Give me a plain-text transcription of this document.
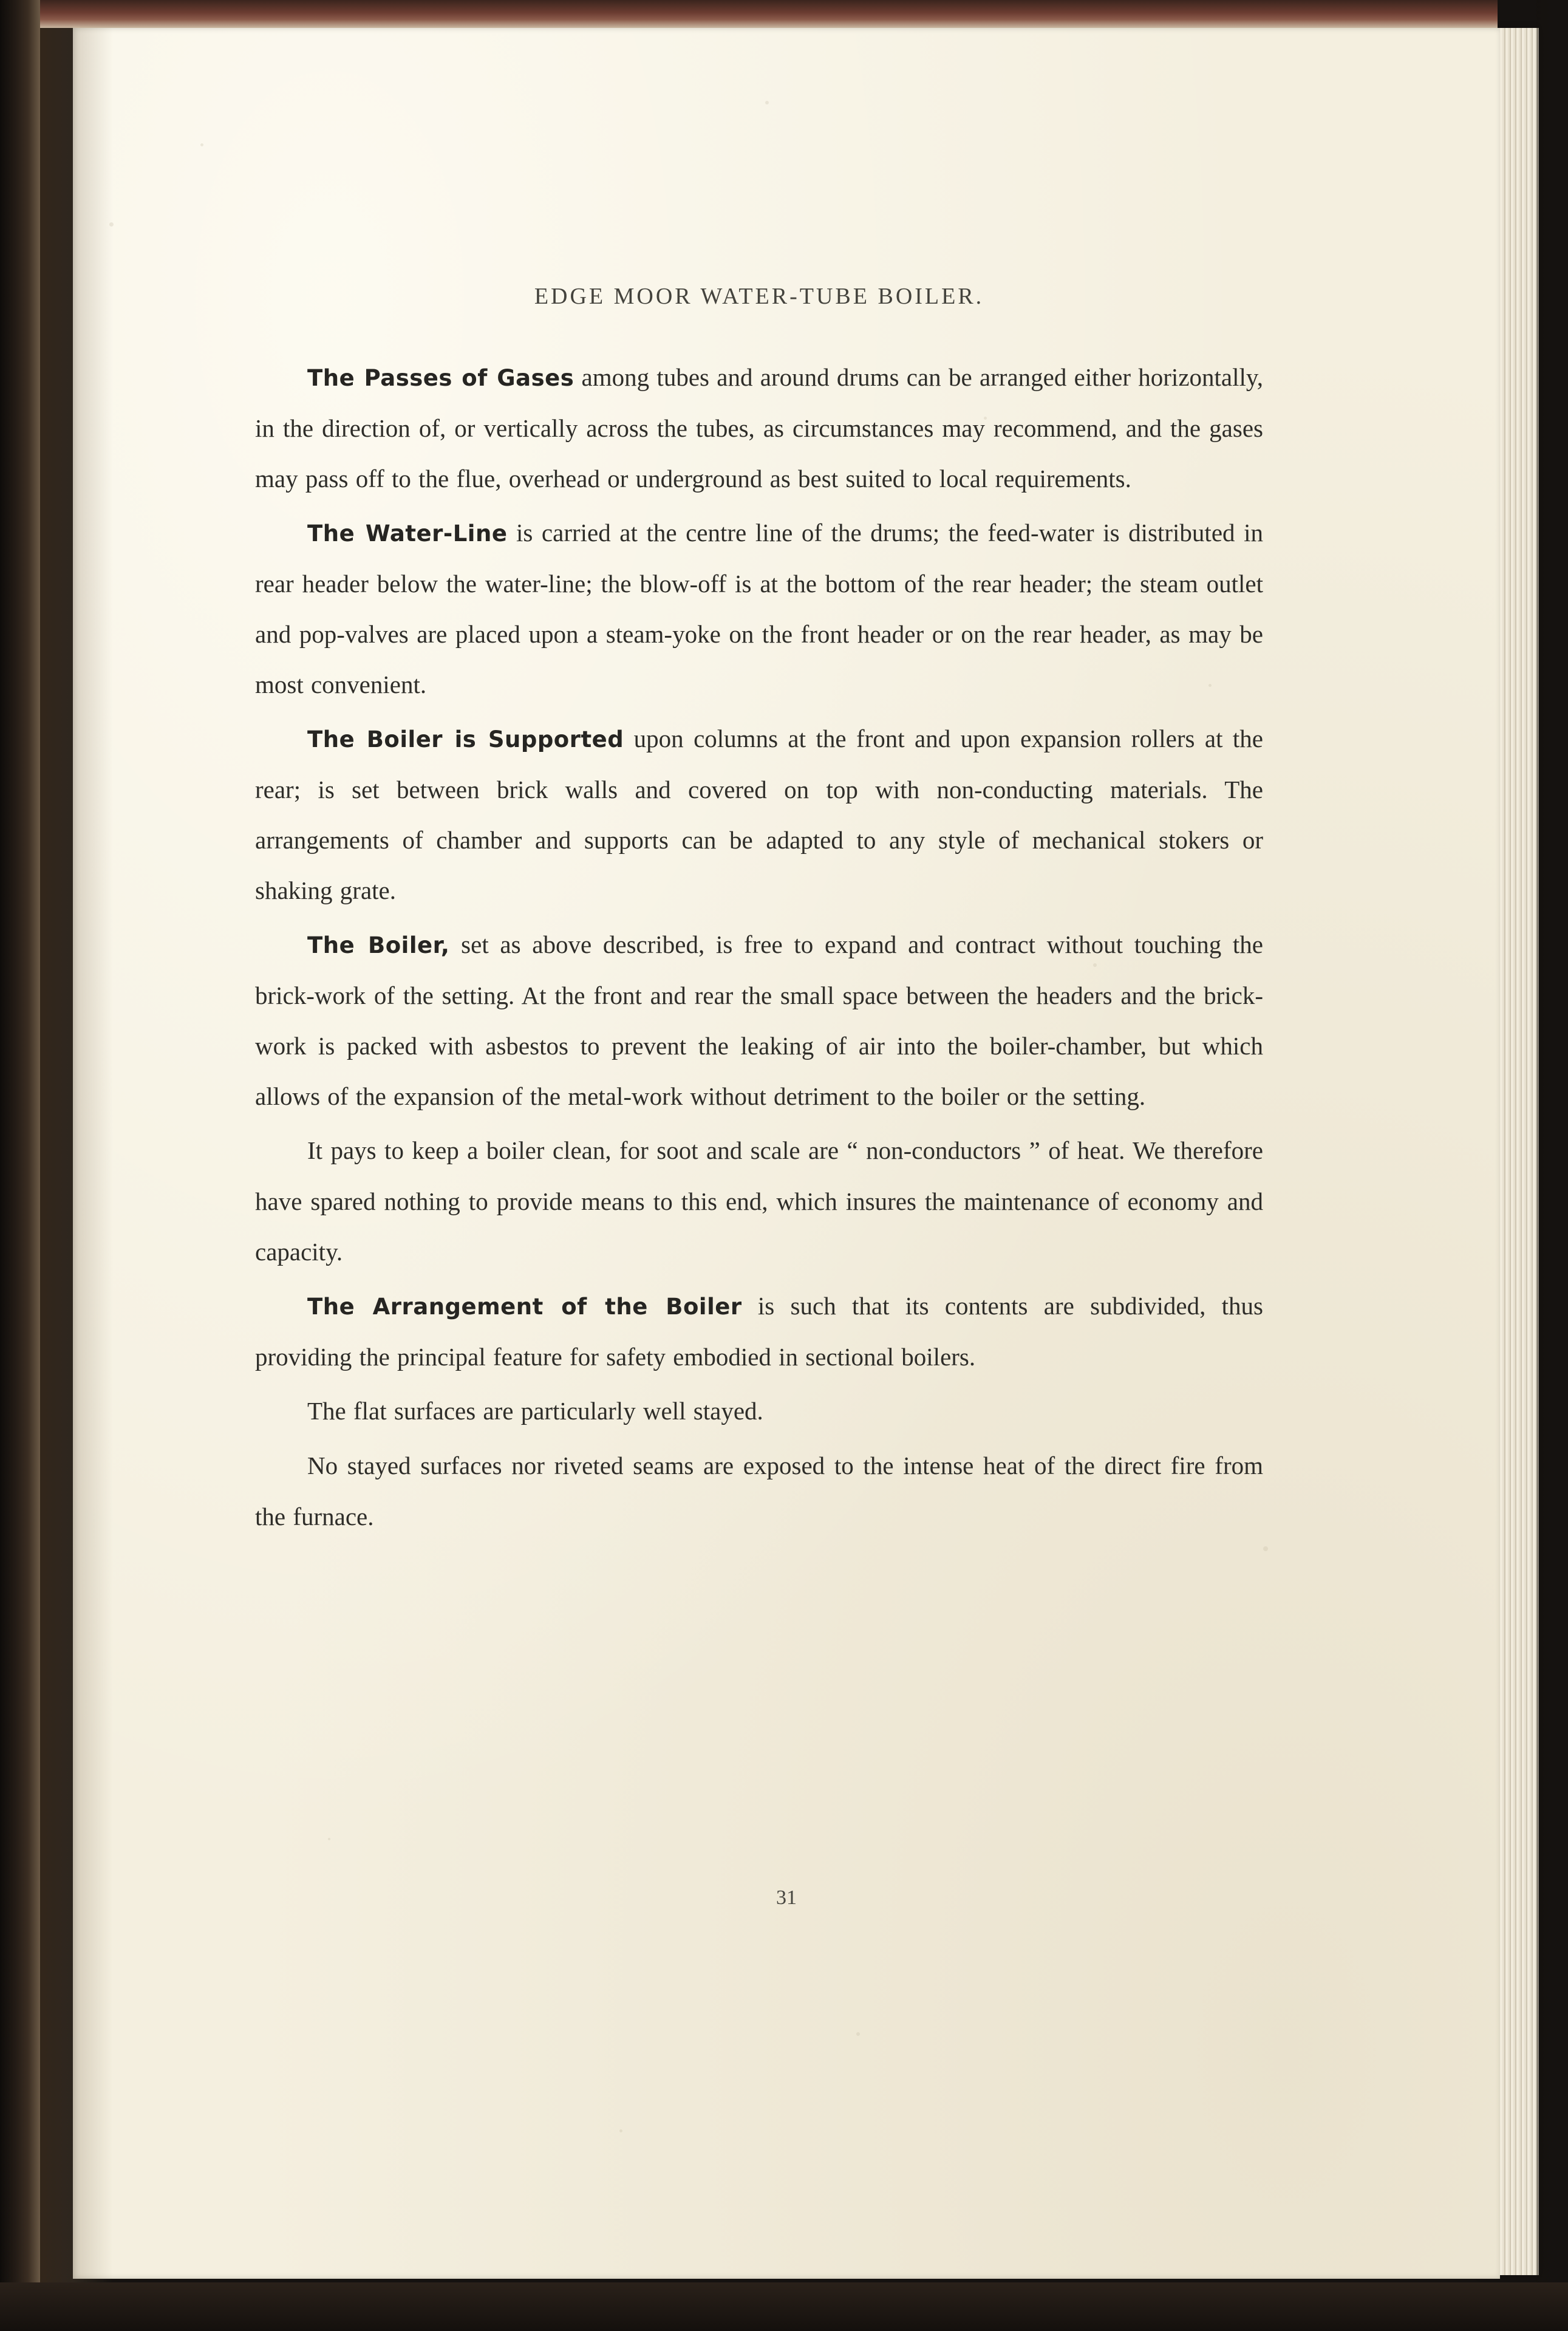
EDGE MOOR WATER-TUBE BOILER.

The Passes of Gases among tubes and around drums can be arranged either horizontally, in the direction of, or vertically across the tubes, as circumstances may recommend, and the gases may pass off to the flue, overhead or underground as best suited to local requirements.

The Water-Line is carried at the centre line of the drums; the feed-water is distributed in rear header below the water-line; the blow-off is at the bottom of the rear header; the steam outlet and pop-valves are placed upon a steam-yoke on the front header or on the rear header, as may be most convenient.

The Boiler is Supported upon columns at the front and upon expansion rollers at the rear; is set between brick walls and covered on top with non-conducting materials. The arrangements of chamber and supports can be adapted to any style of mechanical stokers or shaking grate.

The Boiler, set as above described, is free to expand and contract without touching the brick-work of the setting. At the front and rear the small space between the headers and the brick-work is packed with asbestos to prevent the leaking of air into the boiler-chamber, but which allows of the expansion of the metal-work without detriment to the boiler or the setting.

It pays to keep a boiler clean, for soot and scale are “ non-conductors ” of heat. We therefore have spared nothing to provide means to this end, which insures the maintenance of economy and capacity.

The Arrangement of the Boiler is such that its contents are subdivided, thus providing the principal feature for safety embodied in sectional boilers.

The flat surfaces are particularly well stayed.

No stayed surfaces nor riveted seams are exposed to the intense heat of the direct fire from the furnace.

31
